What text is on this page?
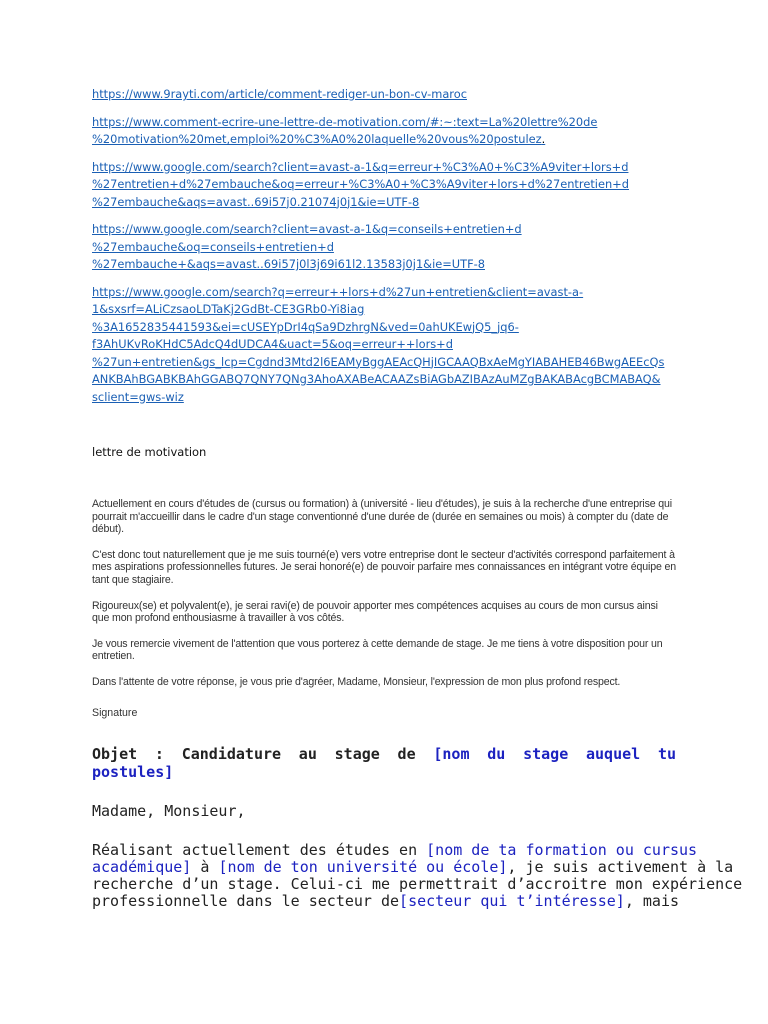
https://www.9rayti.com/article/comment-rediger-un-bon-cv-maroc
https://www.comment-ecrire-une-lettre-de-motivation.com/#:~:text=La%20lettre%20de
%20motivation%20met,emploi%20%C3%A0%20laquelle%20vous%20postulez.
https://www.google.com/search?client=avast-a-1&q=erreur+%C3%A0+%C3%A9viter+lors+d
%27entretien+d%27embauche&oq=erreur+%C3%A0+%C3%A9viter+lors+d%27entretien+d
%27embauche&aqs=avast..69i57j0.21074j0j1&ie=UTF-8
https://www.google.com/search?client=avast-a-1&q=conseils+entretien+d
%27embauche&oq=conseils+entretien+d
%27embauche+&aqs=avast..69i57j0l3j69i61l2.13583j0j1&ie=UTF-8
https://www.google.com/search?q=erreur++lors+d%27un+entretien&client=avast-a-
1&sxsrf=ALiCzsaoLDTaKj2GdBt-CE3GRb0-Yi8iag
%3A1652835441593&ei=cUSEYpDrI4qSa9DzhrgN&ved=0ahUKEwjQ5_jq6-
f3AhUKvRoKHdC5AdcQ4dUDCA4&uact=5&oq=erreur++lors+d
%27un+entretien&gs_lcp=Cgdnd3Mtd2l6EAMyBggAEAcQHjIGCAAQBxAeMgYIABAHEB46BwgAEEcQs
ANKBAhBGABKBAhGGABQ7QNY7QNg3AhoAXABeACAAZsBiAGbAZIBAzAuMZgBAKABAcgBCMABAQ&
sclient=gws-wiz
lettre de motivation

Actuellement en cours d'études de (cursus ou formation) à (université - lieu d'études), je suis à la recherche d'une entreprise qui pourrait m'accueillir dans le cadre d'un stage conventionné d'une durée de (durée en semaines ou mois) à compter du (date de début).

C'est donc tout naturellement que je me suis tourné(e) vers votre entreprise dont le secteur d'activités correspond parfaitement à mes aspirations professionnelles futures. Je serai honoré(e) de pouvoir parfaire mes connaissances en intégrant votre équipe en tant que stagiaire.

Rigoureux(se) et polyvalent(e), je serai ravi(e) de pouvoir apporter mes compétences acquises au cours de mon cursus ainsi que mon profond enthousiasme à travailler à vos côtés.

Je vous remercie vivement de l'attention que vous porterez à cette demande de stage. Je me tiens à votre disposition pour un entretien.

Dans l'attente de votre réponse, je vous prie d'agréer, Madame, Monsieur, l'expression de mon plus profond respect.

Signature
Objet : Candidature au stage de [nom du stage auquel tu postules]
Madame, Monsieur,
Réalisant actuellement des études en [nom de ta formation ou cursus
académique] à [nom de ton université ou école], je suis activement à la
recherche d’un stage. Celui-ci me permettrait d’accroitre mon expérience
professionnelle dans le secteur de [secteur qui t’intéresse] , mais
